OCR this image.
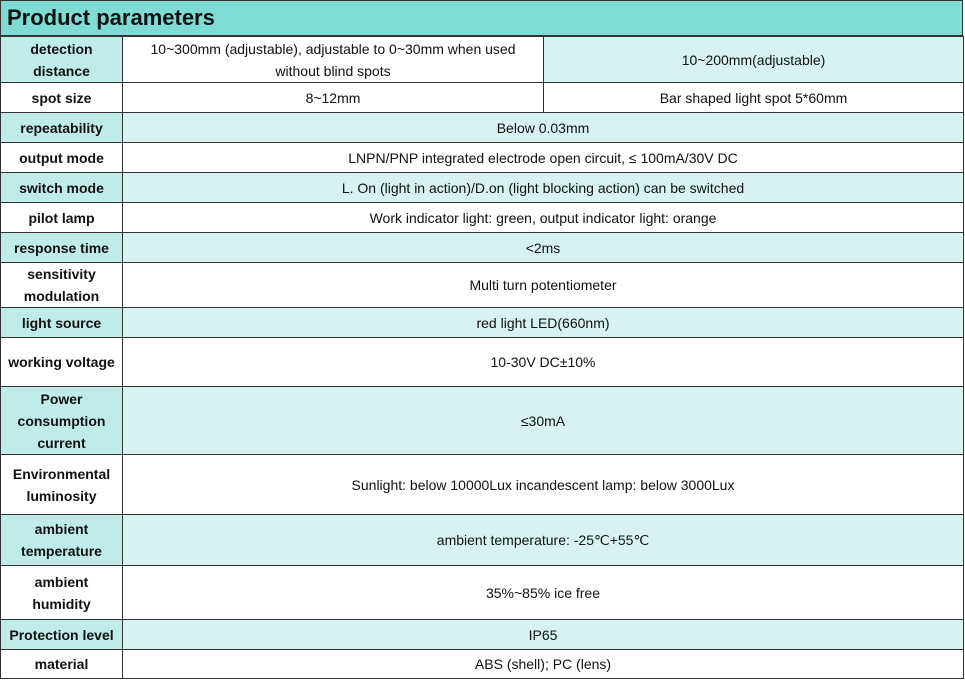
Product parameters
detection distance	10~300mm (adjustable), adjustable to 0~30mm when used without blind spots	10~200mm(adjustable)
spot size	8~12mm	Bar shaped light spot 5*60mm
repeatability	Below 0.03mm	
output mode	LNPN/PNP integrated electrode open circuit, ≤ 100mA/30V DC	
switch mode	L. On (light in action)/D.on (light blocking action) can be switched	
pilot lamp	Work indicator light: green, output indicator light: orange	
response time	<2ms	
sensitivity modulation	Multi turn potentiometer	
light source	red light LED(660nm)	
working voltage	10-30V DC±10%	
Power consumption current	≤30mA	
Environmental luminosity	Sunlight: below 10000Lux incandescent lamp: below 3000Lux	
ambient temperature	ambient temperature: -25℃+55℃	
ambient humidity	35%~85% ice free	
Protection level	IP65	
material	ABS (shell); PC (lens)	
